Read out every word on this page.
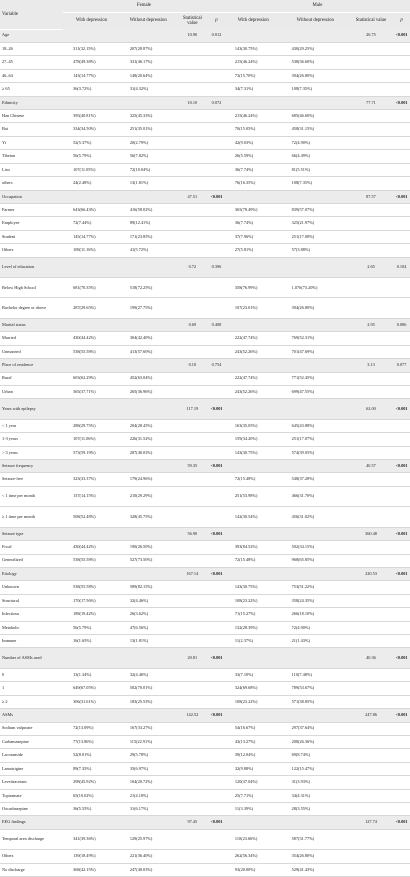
Variable	Female				Male			
	With depression	Without depression	Statistical value	p	With depression	Without depression	Statistical value	p
Age			10.90	0.012			26.75	<0.001
18–26	311(32.15%)	207(28.87%)			143(30.75%)	430(29.25%)		
27–45	478(49.38%)	331(46.17%)			215(46.24%)	538(36.60%)		
46–64	143(14.77%)	148(20.64%)			73(15.70%)	394(26.80%)		
≥ 65	36(3.72%)	31(4.32%)			34(7.31%)	108(7.35%)		
Ethnicity			10.10	0.072			77.71	<0.001
Han Chinese	395(40.81%)	325(45.33%)			215(46.24%)	685(46.60%)		
Bai	334(34.50%)	251(35.01%)			70(15.05%)	458(31.15%)		
Yi	52(5.37%)	20(2.79%)			42(9.03%)	72(4.90%)		
Tibetan	56(5.79%)	56(7.82%)			26(5.59%)	66(4.49%)		
Lisu	107(11.05%)	72(10.04%)			36(7.74%)	81(5.51%)		
others	24(2.48%)	13(1.81%)			76(16.35%)	108(7.35%)		
Occupation			47.51	<0.001			87.57	<0.001
Farmer	643(66.43%)	416(58.02%)			365(78.49%)	839(57.07%)		
Employee	72(7.44%)	89(12.41%)			36(7.74%)	325(21.97%)		
Student	145(14.77%)	171(23.85%)			37(7.96%)	251(17.08%)		
Others	108(11.16%)	41(5.72%)			27(5.81%)	57(3.88%)		
Level of education			0.72	0.396			2.65	0.104
Below High School	681(70.35%)	518(72.25%)			358(76.99%)	1,076(73.20%)		
Bachelor degree or above	287(29.65%)	199(27.75%)			107(23.01%)	394(26.80%)		
Marital status			0.69	0.408			2.95	0.086
Married	430(44.42%)	304(42.40%)			222(47.74%)	769(52.31%)		
Unmarried	538(55.58%)	413(57.60%)			243(52.26%)	701(47.69%)		
Place of residence			0.10	0.754			3.13	0.077
Rural	603(62.29%)	452(63.04%)			222(47.74%)	771(52.45%)		
Urban	365(37.71%)	265(36.96%)			243(52.26%)	699(47.55%)		
Years with epilepsy			117.19	<0.001			62.00	<0.001
< 1 year	288(29.75%)	204(28.45%)			163(35.05%)	645(43.88%)		
1-3 years	107(11.06%)	226(31.52%)			159(34.20%)	251(17.07%)		
> 3 years	573(59.19%)	287(40.03%)			143(30.75%)	574(39.05%)		
Seizure frequency			59.35	<0.001			40.57	<0.001
Seizure-free	323(33.37%)	179(24.96%)			72(15.48%)	548(37.28%)		
< 1 time per month	137(14.15%)	210(29.29%)			251(53.98%)	466(31.70%)		
≥ 1 time per month	508(52.48%)	328(45.75%)			142(30.54%)	456(31.02%)		
Seizure type			56.90	<0.001			360.48	<0.001
Focal	430(44.42%)	190(26.50%)			393(84.52%)	502(34.15%)		
Generalized	538(55.58%)	527(73.50%)			72(15.48%)	968(65.85%)		
Etiology			167.14	<0.001			220.53	<0.001
Unknown	538(55.58%)	589(82.15%)			143(30.75%)	753(51.22%)		
Structural	170(17.56%)	32(4.46%)			108(23.22%)	358(24.35%)		
Infectious	188(19.42%)	26(3.62%)			71(15.27%)	266(18.10%)		
Metabolic	56(5.79%)	47(6.56%)			132(28.39%)	72(4.90%)		
Immune	16(1.65%)	13(1.81%)			11(2.37%)	21(1.43%)		
Number of ASMs used			20.81	<0.001			40.36	<0.001
0	13(1.34%)	32(4.46%)			33(7.10%)	110(7.48%)		
1	649(67.05%)	502(70.01%)			324(69.68%)	789(53.67%)		
≥ 2	306(31.61%)	183(25.53%)			108(23.22%)	571(38.85%)		
ASMs			142.52	<0.001			247.86	<0.001
Sodium valproate	72(13.09%)	167(33.27%)			54(16.67%)	297(37.64%)		
Carbamazepine	77(13.86%)	115(22.91%)			43(13.27%)	208(26.36%)		
Lacosamide	52(8.01%)	29(5.78%)			39(12.04%)	69(8.74%)		
Lamotrigine	89(7.35%)	35(6.97%)			32(9.88%)	122(15.47%)		
Levetiracetam	298(45.92%)	104(20.72%)			120(37.04%)	31(3.93%)		
Topiramate	65(10.02%)	21(4.18%)			25(7.71%)	34(4.31%)		
Oxcarbazepine	36(5.55%)	31(6.17%)			11(3.39%)	28(3.55%)		
EEG findings			97.45	<0.001			127.74	<0.001
Temporal area discharge	341(39.36%)	129(25.97%)			110(23.66%)	587(31.77%)		
Others	139(18.49%)	221(36.40%)			262(56.34%)	354(26.80%)		
No discharge	368(42.15%)	247(40.03%)			93(20.00%)	529(41.43%)		
